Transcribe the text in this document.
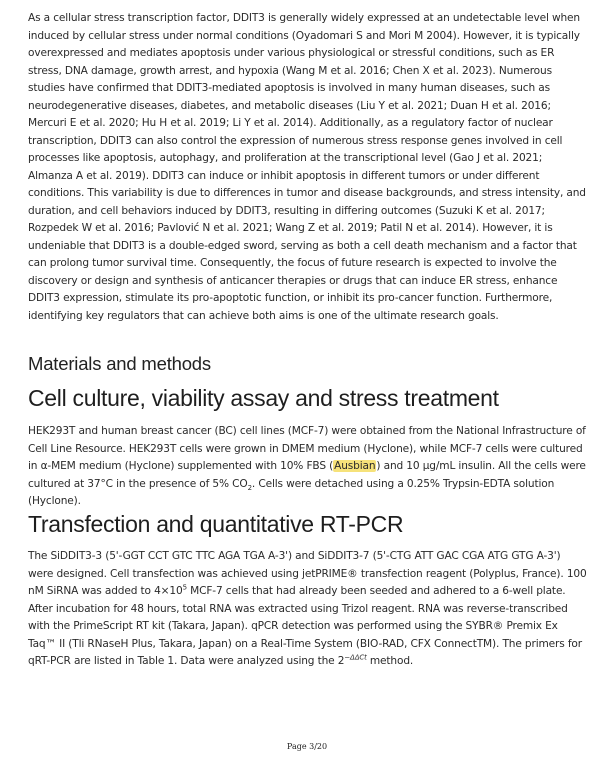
As a cellular stress transcription factor, DDIT3 is generally widely expressed at an undetectable level when induced by cellular stress under normal conditions (Oyadomari S and Mori M 2004). However, it is typically overexpressed and mediates apoptosis under various physiological or stressful conditions, such as ER stress, DNA damage, growth arrest, and hypoxia (Wang M et al. 2016; Chen X et al. 2023). Numerous studies have confirmed that DDIT3-mediated apoptosis is involved in many human diseases, such as neurodegenerative diseases, diabetes, and metabolic diseases (Liu Y et al. 2021; Duan H et al. 2016; Mercuri E et al. 2020; Hu H et al. 2019; Li Y et al. 2014). Additionally, as a regulatory factor of nuclear transcription, DDIT3 can also control the expression of numerous stress response genes involved in cell processes like apoptosis, autophagy, and proliferation at the transcriptional level (Gao J et al. 2021; Almanza A et al. 2019). DDIT3 can induce or inhibit apoptosis in different tumors or under different conditions. This variability is due to differences in tumor and disease backgrounds, and stress intensity, and duration, and cell behaviors induced by DDIT3, resulting in differing outcomes (Suzuki K et al. 2017; Rozpedek W et al. 2016; Pavlović N et al. 2021; Wang Z et al. 2019; Patil N et al. 2014). However, it is undeniable that DDIT3 is a double-edged sword, serving as both a cell death mechanism and a factor that can prolong tumor survival time. Consequently, the focus of future research is expected to involve the discovery or design and synthesis of anticancer therapies or drugs that can induce ER stress, enhance DDIT3 expression, stimulate its pro-apoptotic function, or inhibit its pro-cancer function. Furthermore, identifying key regulators that can achieve both aims is one of the ultimate research goals.

Materials and methods
Cell culture, viability assay and stress treatment

HEK293T and human breast cancer (BC) cell lines (MCF-7) were obtained from the National Infrastructure of Cell Line Resource. HEK293T cells were grown in DMEM medium (Hyclone), while MCF-7 cells were cultured in α-MEM medium (Hyclone) supplemented with 10% FBS (Ausbian) and 10 μg/mL insulin. All the cells were cultured at 37°C in the presence of 5% $CO_2$. Cells were detached using a 0.25% Trypsin-EDTA solution (Hyclone).

Transfection and quantitative RT-PCR

The SiDDIT3-3 (5'-GGT CCT GTC TTC AGA TGA A-3') and SiDDIT3-7 (5'-CTG ATT GAC CGA ATG GTG A-3') were designed. Cell transfection was achieved using jetPRIME® transfection reagent (Polyplus, France). 100 nM SiRNA was added to $4\times 10^5$ MCF-7 cells that had already been seeded and adhered to a 6-well plate. After incubation for 48 hours, total RNA was extracted using Trizol reagent. RNA was reverse-transcribed with the PrimeScript RT kit (Takara, Japan). qPCR detection was performed using the SYBR® Premix Ex Taq™ II (Tli RNaseH Plus, Takara, Japan) on a Real-Time System (BIO-RAD, CFX ConnectTM). The primers for qRT-PCR are listed in Table 1. Data were analyzed using the $2^{-\Delta\Delta Ct}$ method.

Page 3/20
